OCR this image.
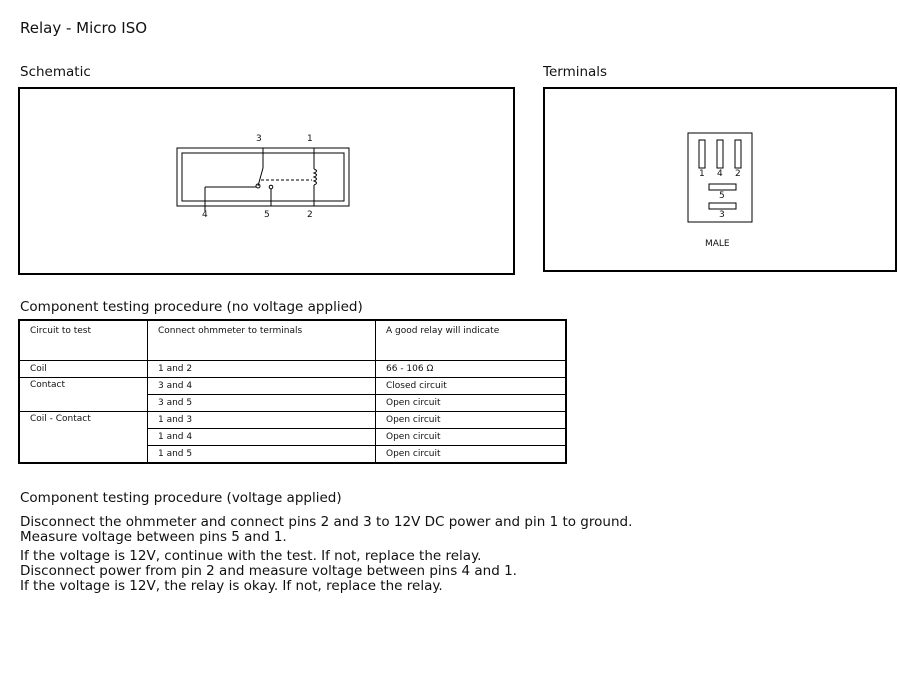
Relay - Micro ISO
Schematic
3	1
4	5	2
Terminals
1 4 2
5
3
MALE
Component testing procedure (no voltage applied)
Circuit to test	Connect ohmmeter to terminals	A good relay will indicate
Coil	1 and 2	66 - 106 Ω
Contact	3 and 4	Closed circuit
	3 and 5	Open circuit
Coil - Contact	1 and 3	Open circuit
	1 and 4	Open circuit
	1 and 5	Open circuit
Component testing procedure (voltage applied)
Disconnect the ohmmeter and connect pins 2 and 3 to 12V DC power and pin 1 to ground.
Measure voltage between pins 5 and 1.
If the voltage is 12V, continue with the test. If not, replace the relay.
Disconnect power from pin 2 and measure voltage between pins 4 and 1.
If the voltage is 12V, the relay is okay. If not, replace the relay.
